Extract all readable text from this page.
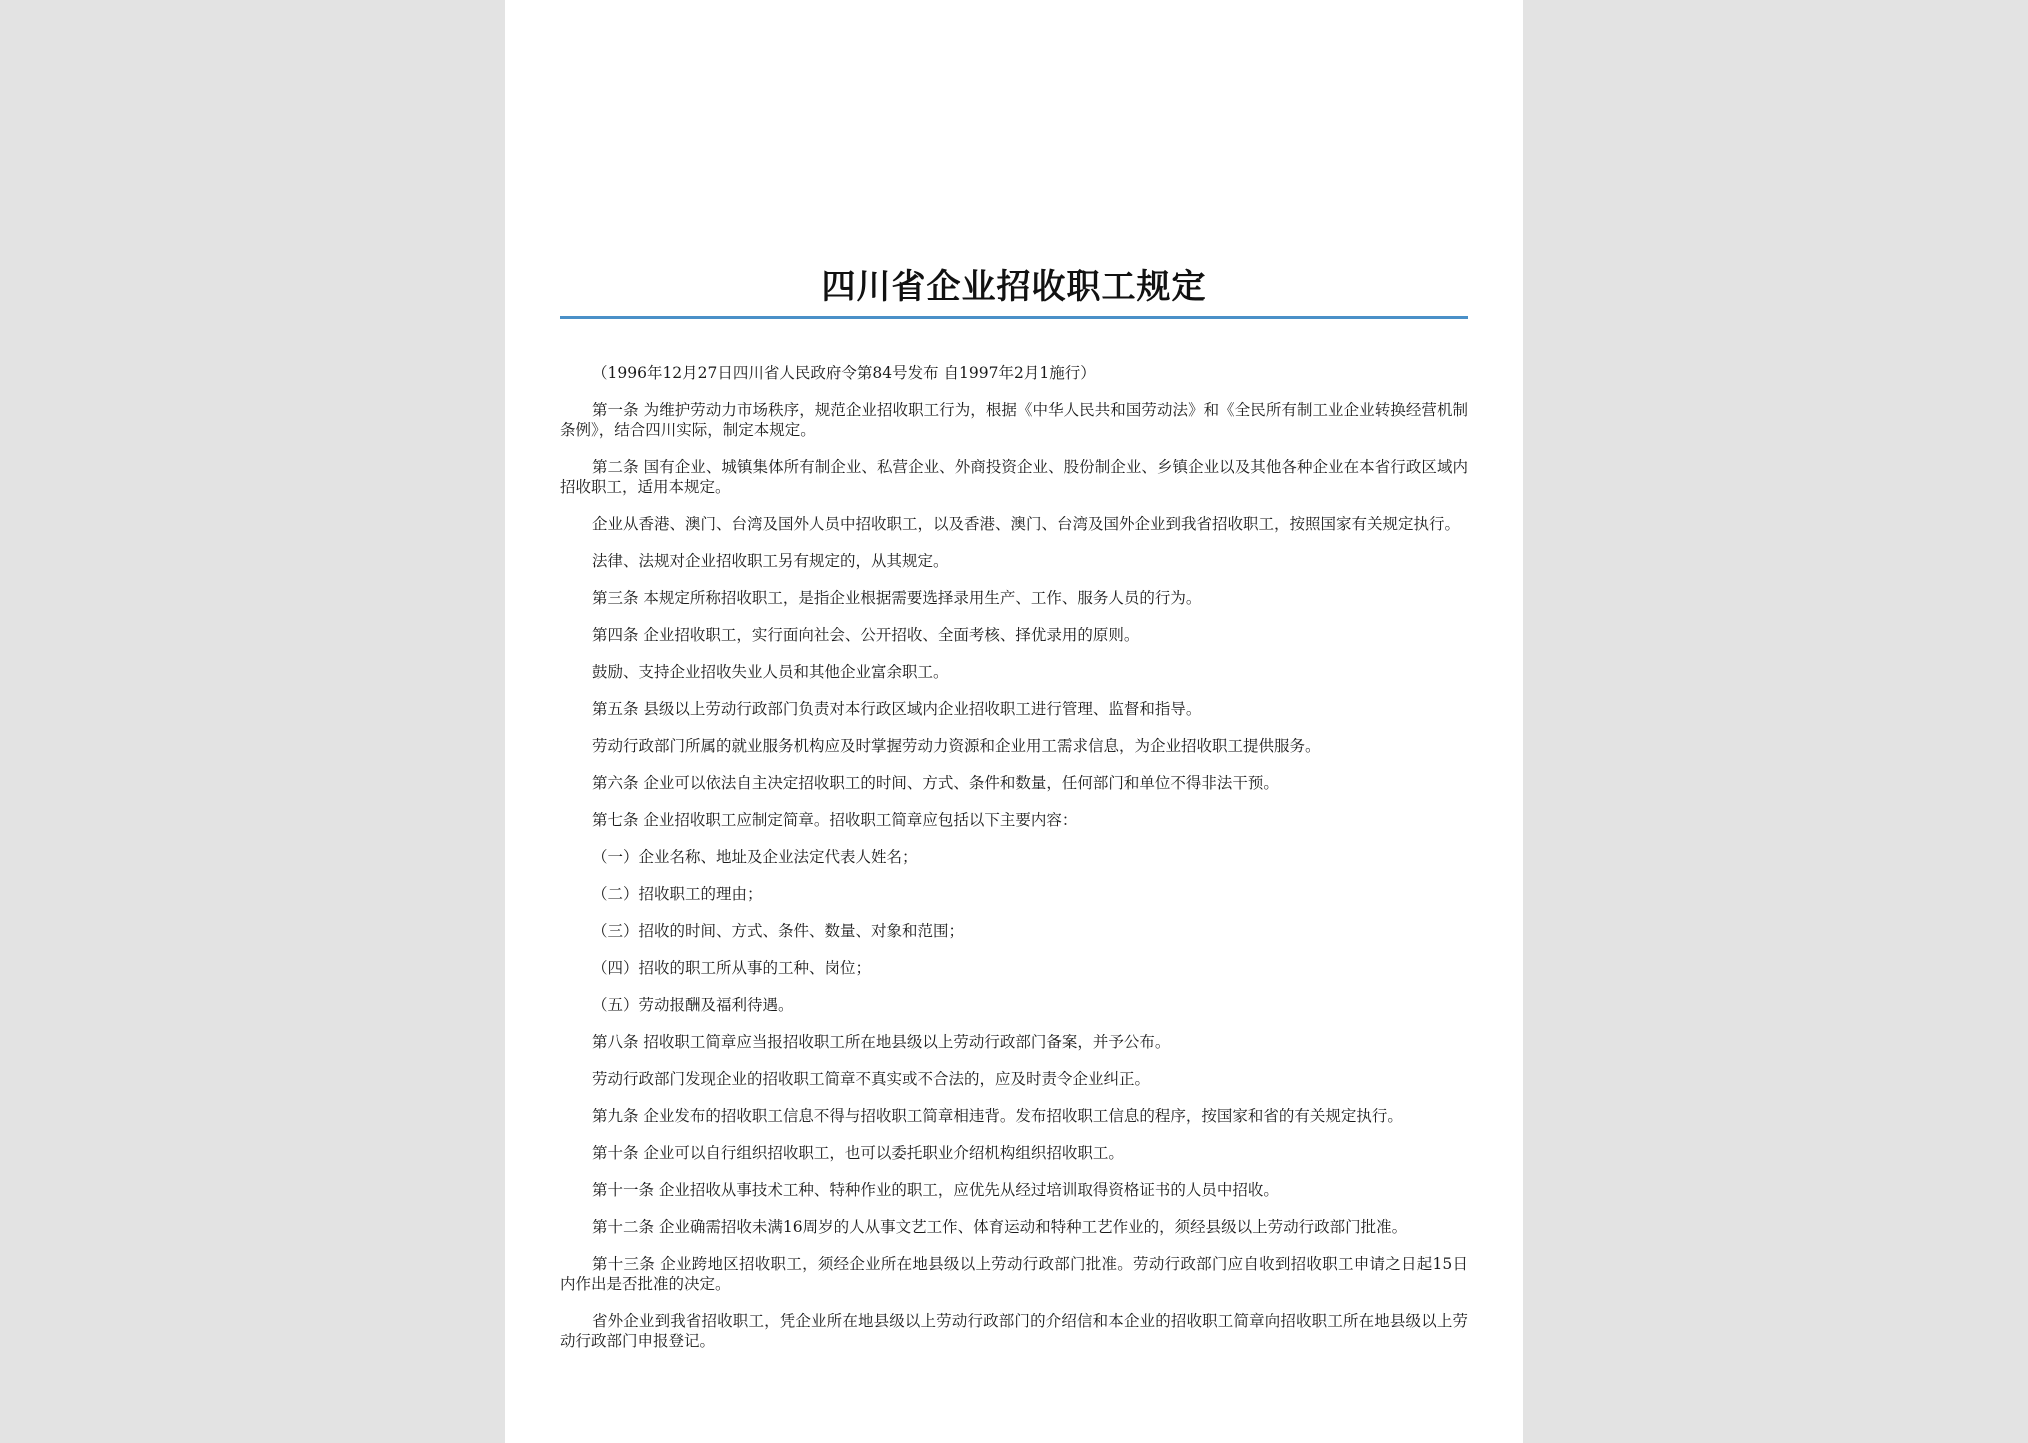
四川省企业招收职工规定

（1996年12月27日四川省人民政府令第84号发布 自1997年2月1施行）

第一条 为维护劳动力市场秩序，规范企业招收职工行为，根据《中华人民共和国劳动法》和《全民所有制工业企业转换经营机制条例》，结合四川实际，制定本规定。

第二条 国有企业、城镇集体所有制企业、私营企业、外商投资企业、股份制企业、乡镇企业以及其他各种企业在本省行政区域内招收职工，适用本规定。

企业从香港、澳门、台湾及国外人员中招收职工，以及香港、澳门、台湾及国外企业到我省招收职工，按照国家有关规定执行。

法律、法规对企业招收职工另有规定的，从其规定。

第三条 本规定所称招收职工，是指企业根据需要选择录用生产、工作、服务人员的行为。

第四条 企业招收职工，实行面向社会、公开招收、全面考核、择优录用的原则。

鼓励、支持企业招收失业人员和其他企业富余职工。

第五条 县级以上劳动行政部门负责对本行政区域内企业招收职工进行管理、监督和指导。

劳动行政部门所属的就业服务机构应及时掌握劳动力资源和企业用工需求信息，为企业招收职工提供服务。

第六条 企业可以依法自主决定招收职工的时间、方式、条件和数量，任何部门和单位不得非法干预。

第七条 企业招收职工应制定简章。招收职工简章应包括以下主要内容：

（一）企业名称、地址及企业法定代表人姓名；

（二）招收职工的理由；

（三）招收的时间、方式、条件、数量、对象和范围；

（四）招收的职工所从事的工种、岗位；

（五）劳动报酬及福利待遇。

第八条 招收职工简章应当报招收职工所在地县级以上劳动行政部门备案，并予公布。

劳动行政部门发现企业的招收职工简章不真实或不合法的，应及时责令企业纠正。

第九条 企业发布的招收职工信息不得与招收职工简章相违背。发布招收职工信息的程序，按国家和省的有关规定执行。

第十条 企业可以自行组织招收职工，也可以委托职业介绍机构组织招收职工。

第十一条 企业招收从事技术工种、特种作业的职工，应优先从经过培训取得资格证书的人员中招收。

第十二条 企业确需招收未满16周岁的人从事文艺工作、体育运动和特种工艺作业的，须经县级以上劳动行政部门批准。

第十三条 企业跨地区招收职工，须经企业所在地县级以上劳动行政部门批准。劳动行政部门应自收到招收职工申请之日起15日内作出是否批准的决定。

省外企业到我省招收职工，凭企业所在地县级以上劳动行政部门的介绍信和本企业的招收职工简章向招收职工所在地县级以上劳动行政部门申报登记。
